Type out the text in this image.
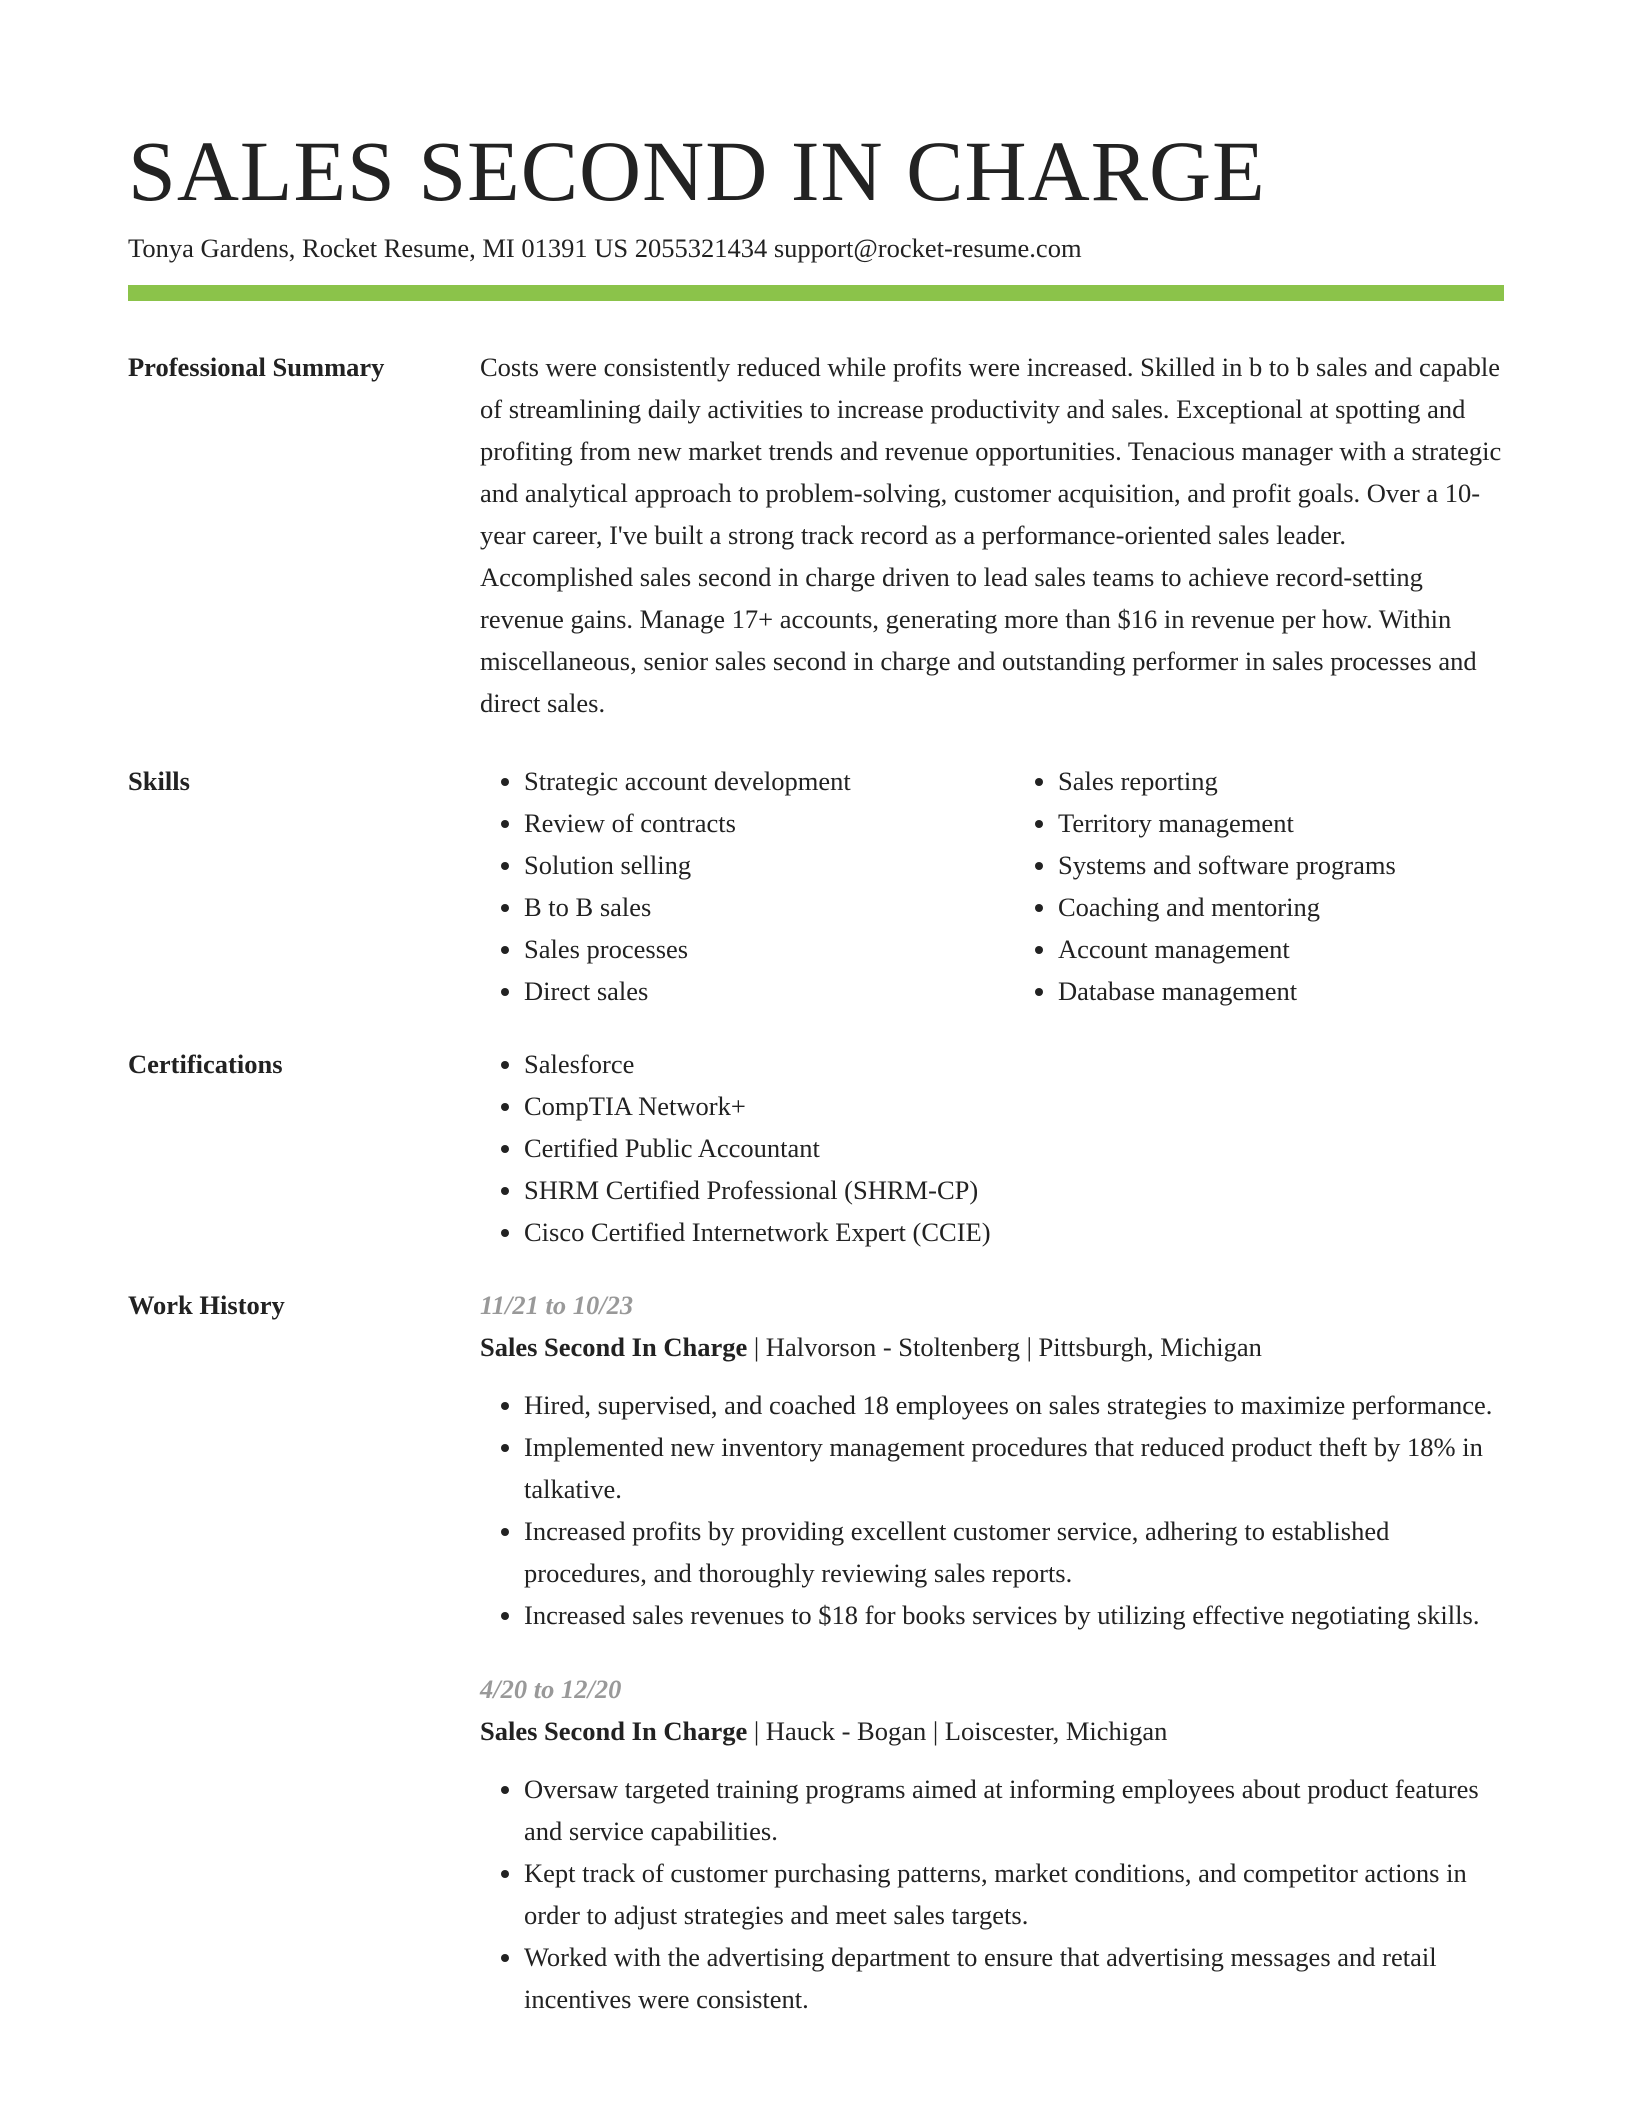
SALES SECOND IN CHARGE
Tonya Gardens, Rocket Resume, MI 01391 US 2055321434 support@rocket-resume.com
Professional Summary	Costs were consistently reduced while profits were increased. Skilled in b to b sales and capable of streamlining daily activities to increase productivity and sales. Exceptional at spotting and profiting from new market trends and revenue opportunities. Tenacious manager with a strategic and analytical approach to problem-solving, customer acquisition, and profit goals. Over a 10-year career, I've built a strong track record as a performance-oriented sales leader. Accomplished sales second in charge driven to lead sales teams to achieve record-setting revenue gains. Manage 17+ accounts, generating more than $16 in revenue per how. Within miscellaneous, senior sales second in charge and outstanding performer in sales processes and direct sales.

Skills	• Strategic account development
• Review of contracts
• Solution selling
• B to B sales
• Sales processes
• Direct sales
• Sales reporting
• Territory management
• Systems and software programs
• Coaching and mentoring
• Account management
• Database management
Certifications	• Salesforce
• CompTIA Network+
• Certified Public Accountant
• SHRM Certified Professional (SHRM-CP)
• Cisco Certified Internetwork Expert (CCIE)
Work History	11/21 to 10/23
Sales Second In Charge | Halvorson - Stoltenberg | Pittsburgh, Michigan
• Hired, supervised, and coached 18 employees on sales strategies to maximize performance.
• Implemented new inventory management procedures that reduced product theft by 18% in talkative.
• Increased profits by providing excellent customer service, adhering to established procedures, and thoroughly reviewing sales reports.
• Increased sales revenues to $18 for books services by utilizing effective negotiating skills.
4/20 to 12/20
Sales Second In Charge | Hauck - Bogan | Loiscester, Michigan
• Oversaw targeted training programs aimed at informing employees about product features and service capabilities.
• Kept track of customer purchasing patterns, market conditions, and competitor actions in order to adjust strategies and meet sales targets.
• Worked with the advertising department to ensure that advertising messages and retail incentives were consistent.
